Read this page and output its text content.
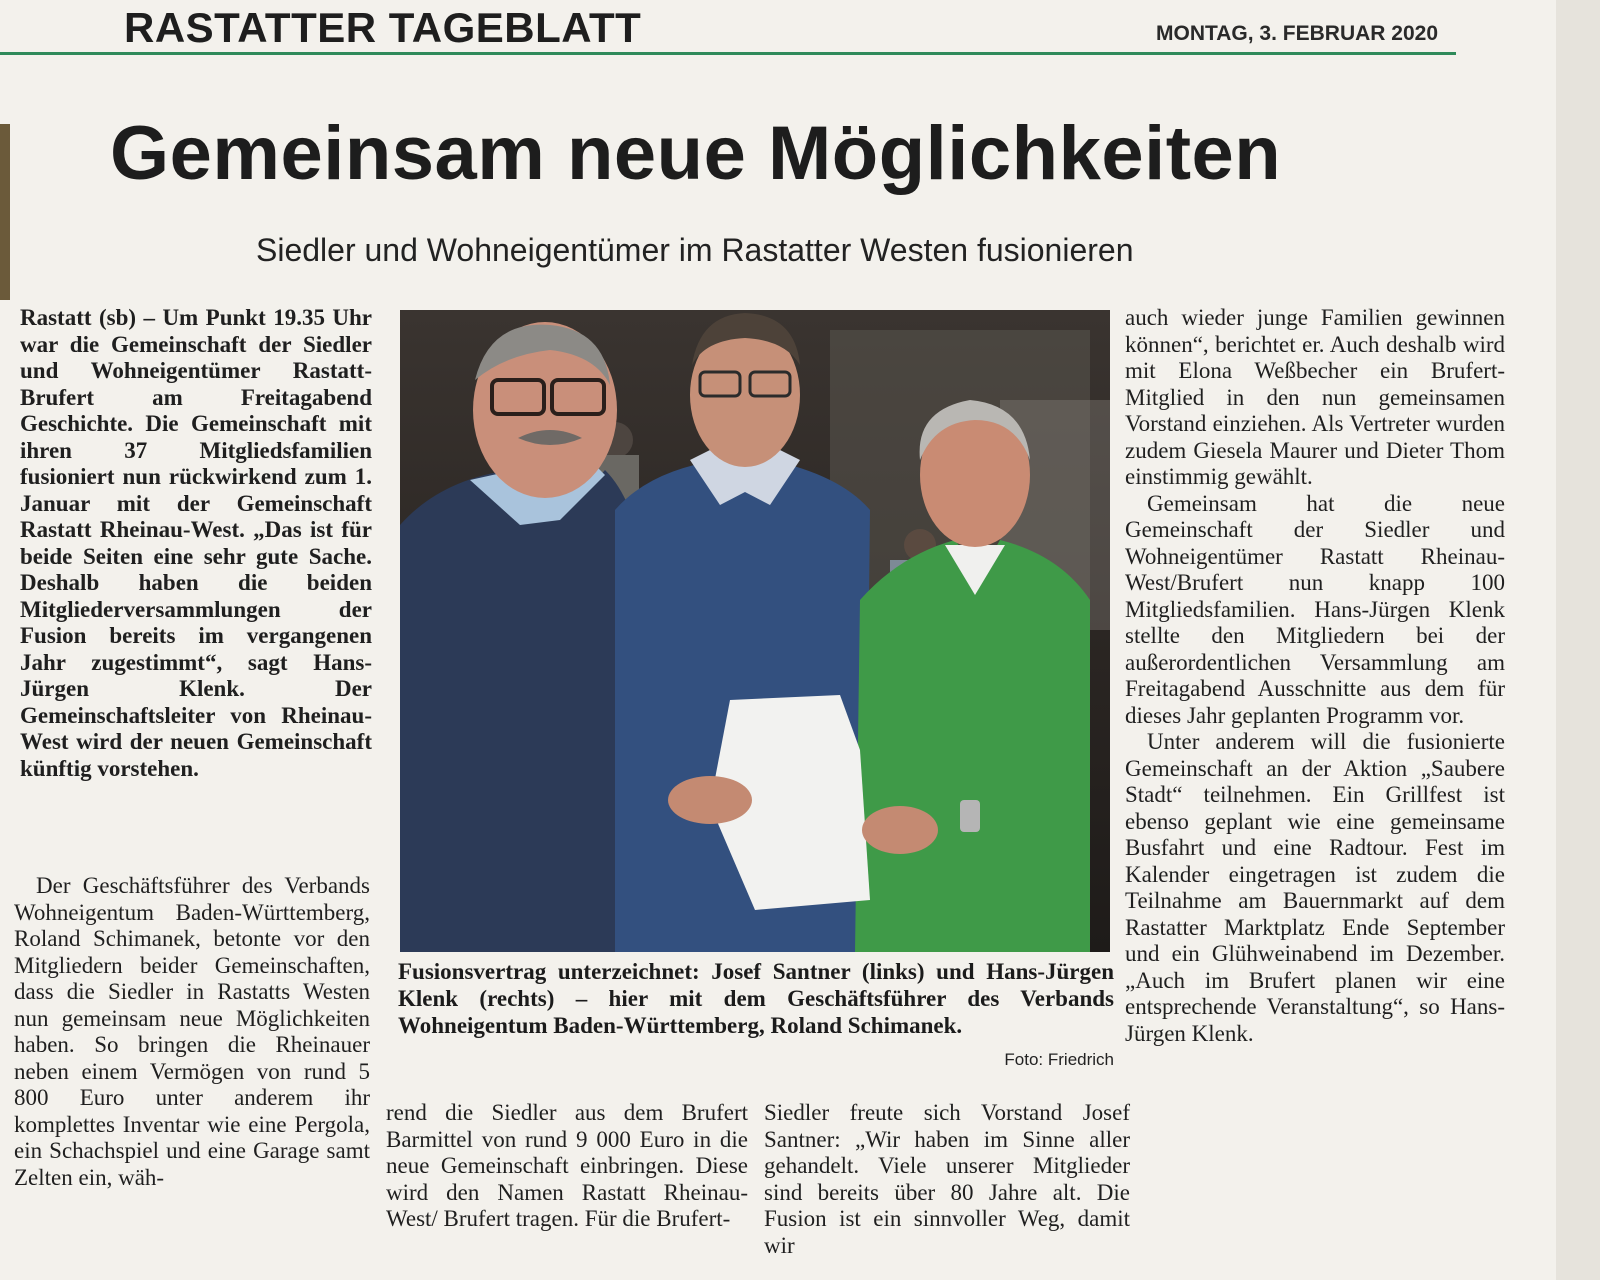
RASTATTER TAGEBLATT	MONTAG, 3. FEBRUAR 2020
Gemeinsam neue Möglichkeiten
Siedler und Wohneigentümer im Rastatter Westen fusionieren

Rastatt (sb) – Um Punkt 19.35 Uhr war die Gemeinschaft der Siedler und Wohneigentümer Rastatt-Brufert am Freitagabend Geschichte. Die Gemeinschaft mit ihren 37 Mitgliedsfamilien fusioniert nun rückwirkend zum 1. Januar mit der Gemeinschaft Rastatt Rheinau-West. „Das ist für beide Seiten eine sehr gute Sache. Deshalb haben die beiden Mitgliederversammlungen der Fusion bereits im vergangenen Jahr zugestimmt“, sagt Hans-Jürgen Klenk. Der Gemeinschaftsleiter von Rheinau-West wird der neuen Gemeinschaft künftig vorstehen.

Der Geschäftsführer des Verbands Wohneigentum Baden-Württemberg, Roland Schimanek, betonte vor den Mitgliedern beider Gemeinschaften, dass die Siedler in Rastatts Westen nun gemeinsam neue Möglichkeiten haben. So bringen die Rheinauer neben einem Vermögen von rund 5 800 Euro unter anderem ihr komplettes Inventar wie eine Pergola, ein Schachspiel und eine Garage samt Zelten ein, wäh-

Fusionsvertrag unterzeichnet: Josef Santner (links) und Hans-Jürgen Klenk (rechts) – hier mit dem Geschäftsführer des Verbands Wohneigentum Baden-Württemberg, Roland Schimanek.
Foto: Friedrich

rend die Siedler aus dem Brufert Barmittel von rund 9 000 Euro in die neue Gemeinschaft einbringen. Diese wird den Namen Rastatt Rheinau-West/ Brufert tragen. Für die Brufert-

Siedler freute sich Vorstand Josef Santner: „Wir haben im Sinne aller gehandelt. Viele unserer Mitglieder sind bereits über 80 Jahre alt. Die Fusion ist ein sinnvoller Weg, damit wir

auch wieder junge Familien gewinnen können“, berichtet er. Auch deshalb wird mit Elona Weßbecher ein Brufert-Mitglied in den nun gemeinsamen Vorstand einziehen. Als Vertreter wurden zudem Giesela Maurer und Dieter Thom einstimmig gewählt.

Gemeinsam hat die neue Gemeinschaft der Siedler und Wohneigentümer Rastatt Rheinau-West/Brufert nun knapp 100 Mitgliedsfamilien. Hans-Jürgen Klenk stellte den Mitgliedern bei der außerordentlichen Versammlung am Freitagabend Ausschnitte aus dem für dieses Jahr geplanten Programm vor.

Unter anderem will die fusionierte Gemeinschaft an der Aktion „Saubere Stadt“ teilnehmen. Ein Grillfest ist ebenso geplant wie eine gemeinsame Busfahrt und eine Radtour. Fest im Kalender eingetragen ist zudem die Teilnahme am Bauernmarkt auf dem Rastatter Marktplatz Ende September und ein Glühweinabend im Dezember. „Auch im Brufert planen wir eine entsprechende Veranstaltung“, so Hans-Jürgen Klenk.
